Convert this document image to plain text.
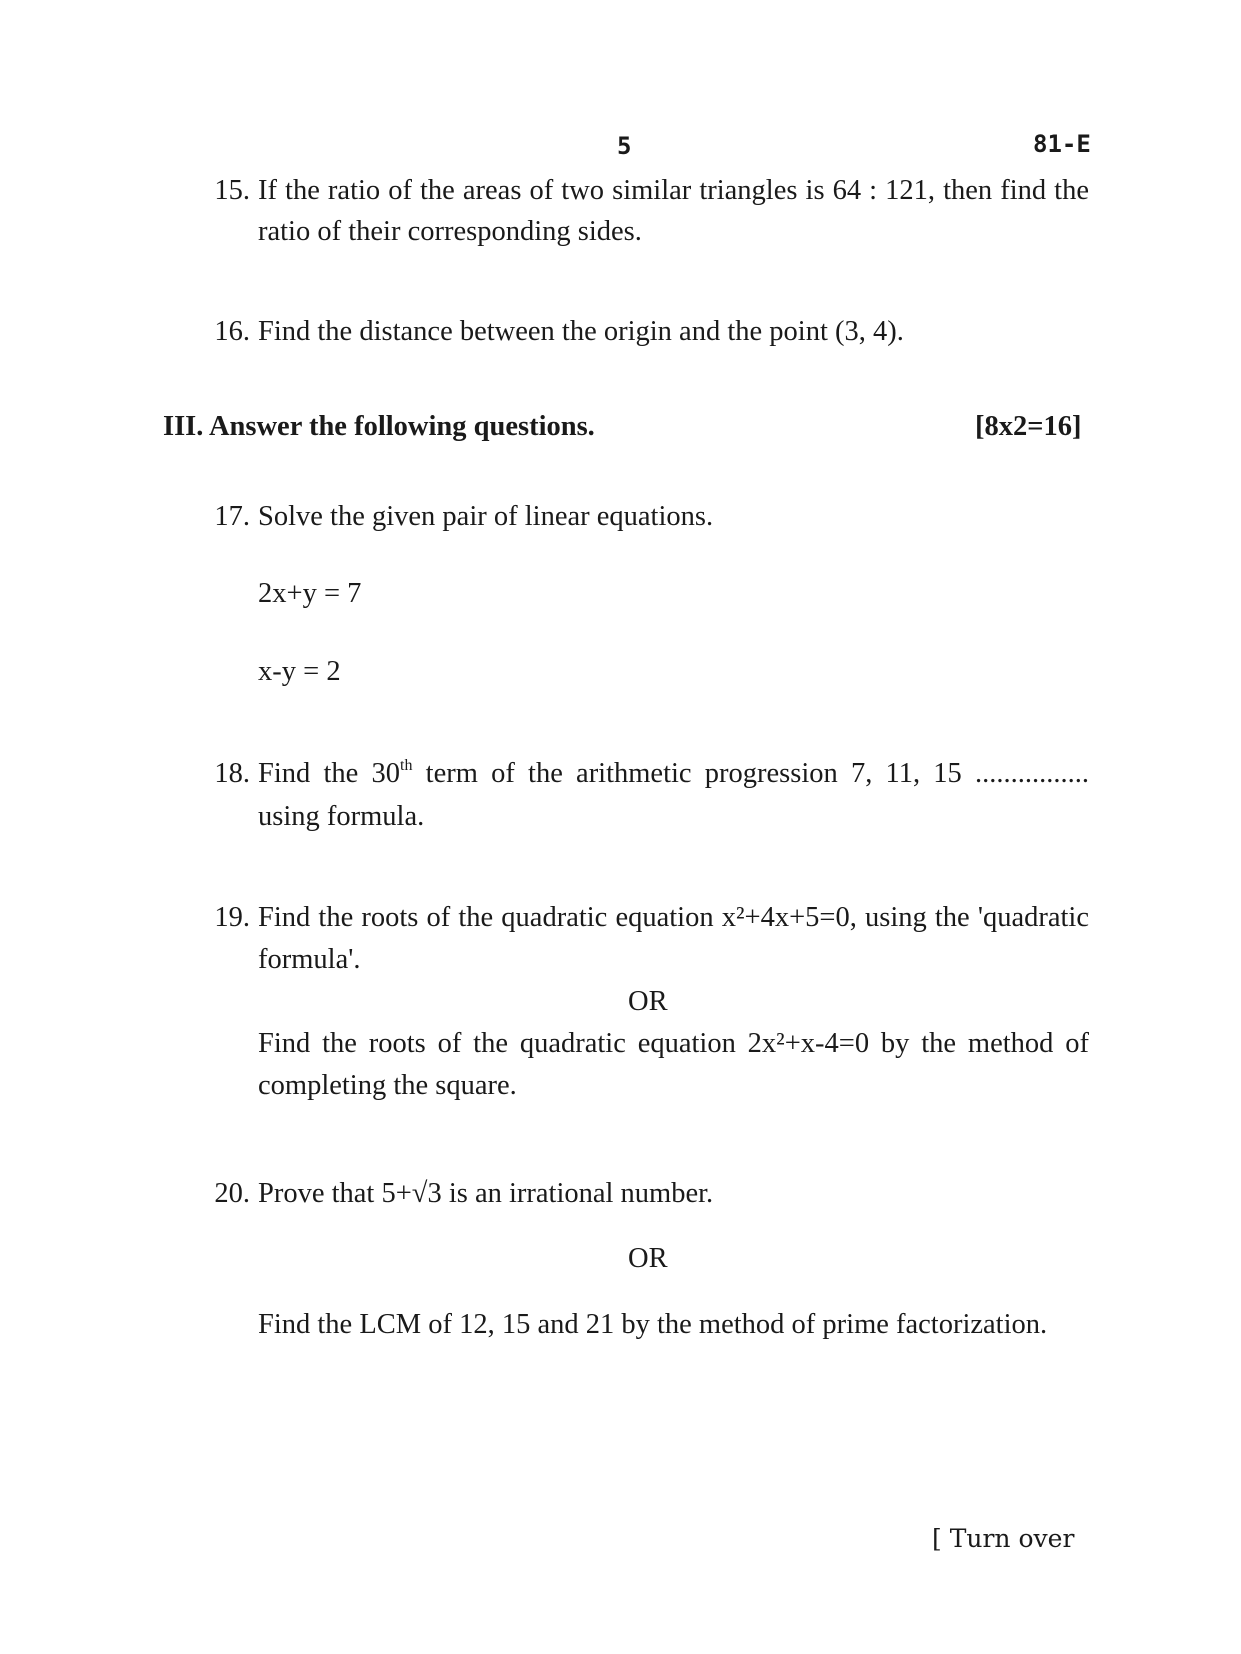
5	81-E
15. If the ratio of the areas of two similar triangles is 64 : 121, then find the
ratio of their corresponding sides.
16. Find the distance between the origin and the point (3, 4).
III. Answer the following questions.	[8x2=16]
17. Solve the given pair of linear equations.
2x+y = 7
x-y = 2
18. Find the 30th term of the arithmetic progression 7, 11, 15 ................
using formula.
19. Find the roots of the quadratic equation x²+4x+5=0, using the 'quadratic
formula'.
OR
Find the roots of the quadratic equation 2x²+x-4=0 by the method of
completing the square.
20. Prove that 5+√3 is an irrational number.
OR
Find the LCM of 12, 15 and 21 by the method of prime factorization.
[ Turn over
